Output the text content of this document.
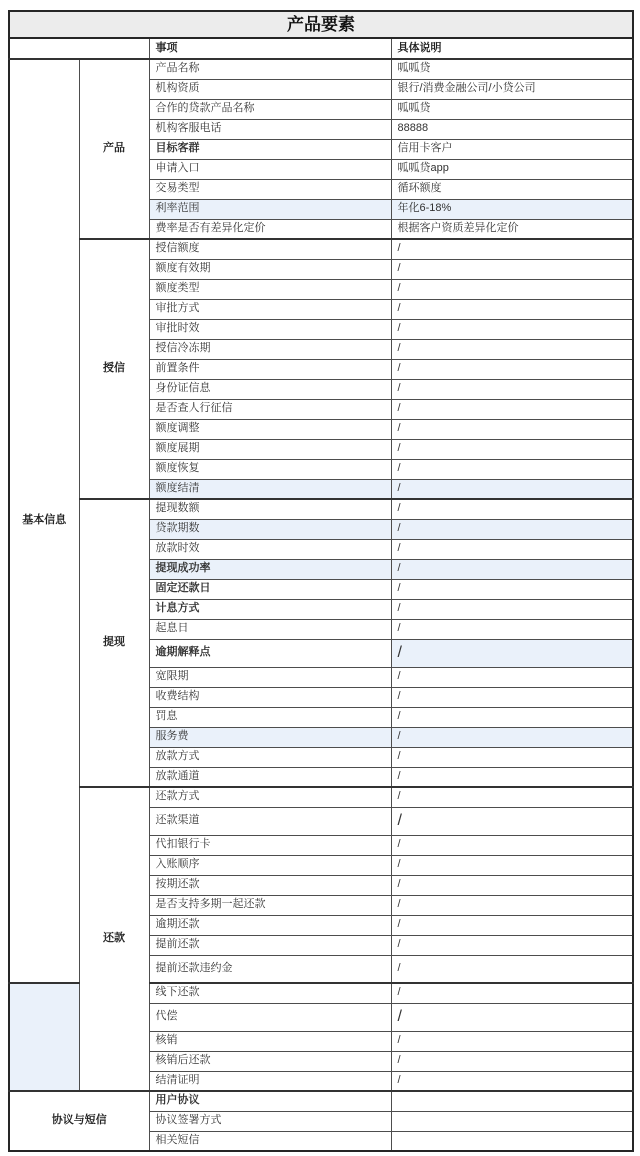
产品要素			
		事项	具体说明
基本信息	产品	产品名称	呱呱贷
		机构资质	银行/消费金融公司/小贷公司
		合作的贷款产品名称	呱呱贷
		机构客服电话	88888
		目标客群	信用卡客户
		申请入口	呱呱贷app
		交易类型	循环额度
		利率范围	年化6-18%
		费率是否有差异化定价	根据客户资质差异化定价
	授信	授信额度	/
		额度有效期	/
		额度类型	/
		审批方式	/
		审批时效	/
		授信冷冻期	/
		前置条件	/
		身份证信息	/
		是否查人行征信	/
		额度调整	/
		额度展期	/
		额度恢复	/
		额度结清	/
	提现	提现数额	/
		贷款期数	/
		放款时效	/
		提现成功率	/
		固定还款日	/
		计息方式	/
		起息日	/
		逾期解释点	/
		宽限期	/
		收费结构	/
		罚息	/
		服务费	/
		放款方式	/
		放款通道	/
	还款	还款方式	/
		还款渠道	/
		代扣银行卡	/
		入账顺序	/
		按期还款	/
		是否支持多期一起还款	/
		逾期还款	/
		提前还款	/
		提前还款违约金	/
		线下还款	/
		代偿	/
		核销	/
		核销后还款	/
		结清证明	/
协议与短信		用户协议	
		协议签署方式	
		相关短信	
